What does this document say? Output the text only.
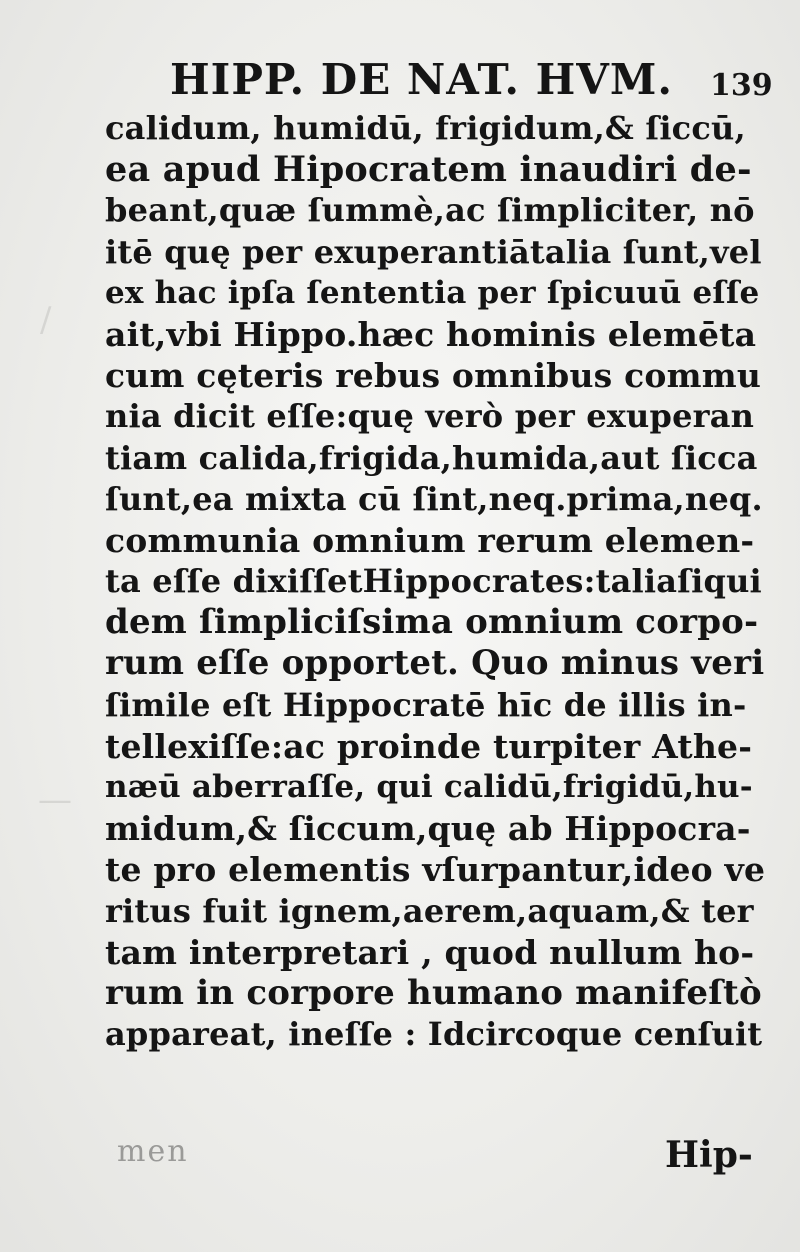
/
—
HIPP. DE NAT. HVM. 139
calidum, humidū, frigidum,& ſiccū,
ea apud Hipocratem inaudiri de-
beant,quæ ſummè,ac ſimpliciter, nō
itē quę per exuperantiātalia ſunt,vel
ex hac ipſa ſententia per ſpicuuū eſſe
ait,vbi Hippo.hæc hominis elemēta
cum cęteris rebus omnibus commu
nia dicit eſſe:quę verò per exuperan
tiam calida,frigida,humida,aut ſicca
ſunt,ea mixta cū ſint,neq.prima,neq.
communia omnium rerum elemen-
ta eſſe dixiſſetHippocrates:taliaſiqui
dem ſimpliciſsima omnium corpo-
rum eſſe opportet. Quo minus veri
ſimile eſt Hippocratē hīc de illis in-
tellexiſſe:ac proinde turpiter Athe-
næū aberraſſe, qui calidū,frigidū,hu-
midum,& ſiccum,quę ab Hippocra-
te pro elementis vſurpantur,ideo ve
ritus fuit ignem,aerem,aquam,& ter
tam interpretari , quod nullum ho-
rum in corpore humano manifeſtò
appareat, ineſſe : Idcircoque cenſuit
men	Hip-
